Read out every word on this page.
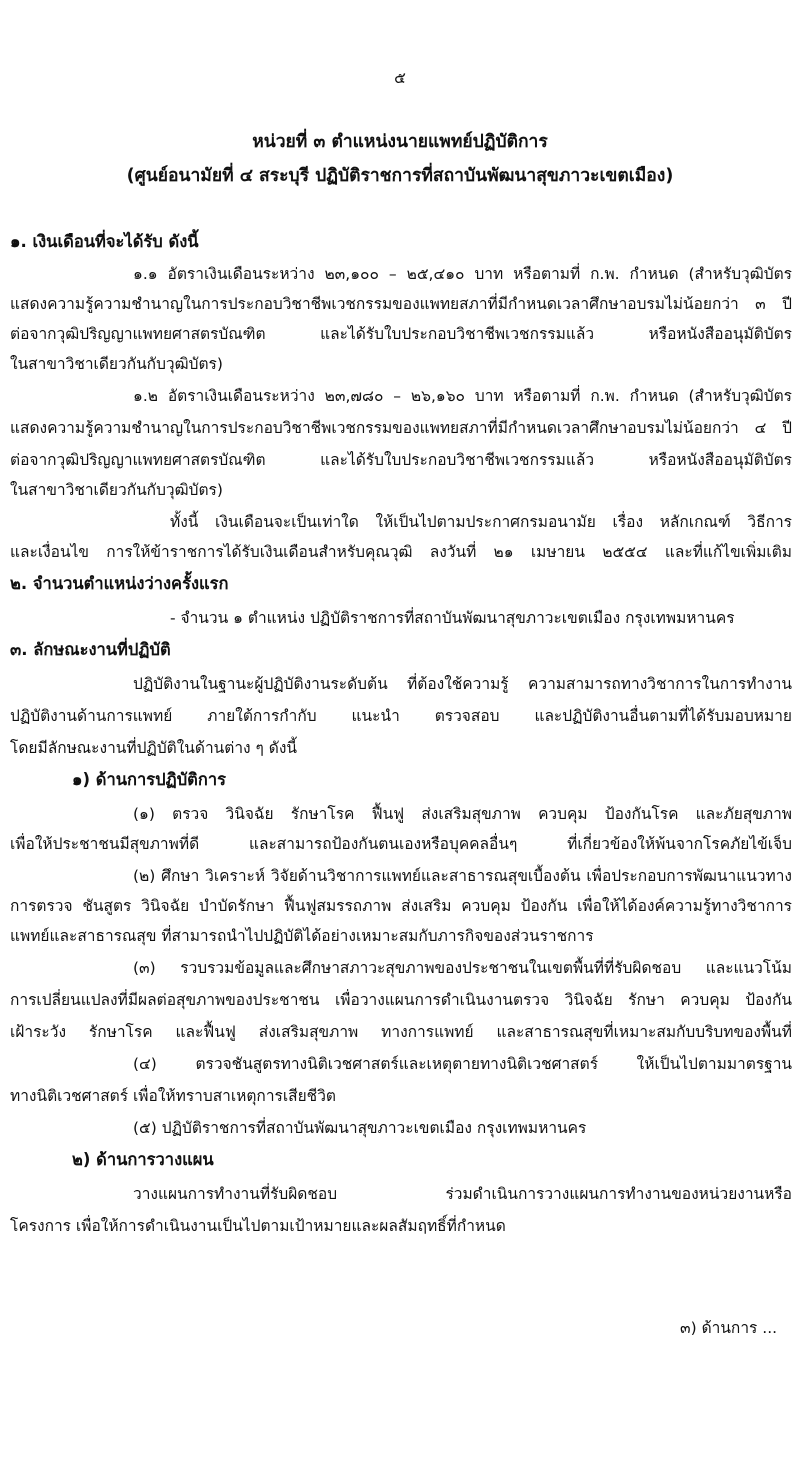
๕
หน่วยที่ ๓ ตำแหน่งนายแพทย์ปฏิบัติการ
(ศูนย์อนามัยที่ ๔ สระบุรี ปฏิบัติราชการที่สถาบันพัฒนาสุขภาวะเขตเมือง)
๑. เงินเดือนที่จะได้รับ ดังนี้
๑.๑ อัตราเงินเดือนระหว่าง ๒๓,๑๐๐ – ๒๕,๔๑๐ บาท หรือตามที่ ก.พ. กำหนด (สำหรับวุฒิบัตร
แสดงความรู้ความชำนาญในการประกอบวิชาชีพเวชกรรมของแพทยสภาที่มีกำหนดเวลาศึกษาอบรมไม่น้อยกว่า ๓ ปี
ต่อจากวุฒิปริญญาแพทยศาสตรบัณฑิต และได้รับใบประกอบวิชาชีพเวชกรรมแล้ว หรือหนังสืออนุมัติบัตร
ในสาขาวิชาเดียวกันกับวุฒิบัตร)
๑.๒ อัตราเงินเดือนระหว่าง ๒๓,๗๘๐ – ๒๖,๑๖๐ บาท หรือตามที่ ก.พ. กำหนด (สำหรับวุฒิบัตร
แสดงความรู้ความชำนาญในการประกอบวิชาชีพเวชกรรมของแพทยสภาที่มีกำหนดเวลาศึกษาอบรมไม่น้อยกว่า ๔ ปี
ต่อจากวุฒิปริญญาแพทยศาสตรบัณฑิต และได้รับใบประกอบวิชาชีพเวชกรรมแล้ว หรือหนังสืออนุมัติบัตร
ในสาขาวิชาเดียวกันกับวุฒิบัตร)
ทั้งนี้ เงินเดือนจะเป็นเท่าใด ให้เป็นไปตามประกาศกรมอนามัย เรื่อง หลักเกณฑ์ วิธีการ
และเงื่อนไข การให้ข้าราชการได้รับเงินเดือนสำหรับคุณวุฒิ ลงวันที่ ๒๑ เมษายน ๒๕๕๔ และที่แก้ไขเพิ่มเติม
๒. จำนวนตำแหน่งว่างครั้งแรก
- จำนวน ๑ ตำแหน่ง ปฏิบัติราชการที่สถาบันพัฒนาสุขภาวะเขตเมือง กรุงเทพมหานคร
๓. ลักษณะงานที่ปฏิบัติ
ปฏิบัติงานในฐานะผู้ปฏิบัติงานระดับต้น ที่ต้องใช้ความรู้ ความสามารถทางวิชาการในการทำงาน
ปฏิบัติงานด้านการแพทย์ ภายใต้การกำกับ แนะนำ ตรวจสอบ และปฏิบัติงานอื่นตามที่ได้รับมอบหมาย
โดยมีลักษณะงานที่ปฏิบัติในด้านต่าง ๆ ดังนี้
๑) ด้านการปฏิบัติการ
(๑) ตรวจ วินิจฉัย รักษาโรค ฟื้นฟู ส่งเสริมสุขภาพ ควบคุม ป้องกันโรค และภัยสุขภาพ
เพื่อให้ประชาชนมีสุขภาพที่ดี และสามารถป้องกันตนเองหรือบุคคลอื่นๆ ที่เกี่ยวข้องให้พ้นจากโรคภัยไข้เจ็บ
(๒) ศึกษา วิเคราะห์ วิจัยด้านวิชาการแพทย์และสาธารณสุขเบื้องต้น เพื่อประกอบการพัฒนาแนวทาง
การตรวจ ชันสูตร วินิจฉัย บำบัดรักษา ฟื้นฟูสมรรถภาพ ส่งเสริม ควบคุม ป้องกัน เพื่อให้ได้องค์ความรู้ทางวิชาการ
แพทย์และสาธารณสุข ที่สามารถนำไปปฏิบัติได้อย่างเหมาะสมกับภารกิจของส่วนราชการ
(๓) รวบรวมข้อมูลและศึกษาสภาวะสุขภาพของประชาชนในเขตพื้นที่ที่รับผิดชอบ และแนวโน้ม
การเปลี่ยนแปลงที่มีผลต่อสุขภาพของประชาชน เพื่อวางแผนการดำเนินงานตรวจ วินิจฉัย รักษา ควบคุม ป้องกัน
เฝ้าระวัง รักษาโรค และฟื้นฟู ส่งเสริมสุขภาพ ทางการแพทย์ และสาธารณสุขที่เหมาะสมกับบริบทของพื้นที่
(๔) ตรวจชันสูตรทางนิติเวชศาสตร์และเหตุตายทางนิติเวชศาสตร์ ให้เป็นไปตามมาตรฐาน
ทางนิติเวชศาสตร์ เพื่อให้ทราบสาเหตุการเสียชีวิต
(๕) ปฏิบัติราชการที่สถาบันพัฒนาสุขภาวะเขตเมือง กรุงเทพมหานคร
๒) ด้านการวางแผน
วางแผนการทำงานที่รับผิดชอบ ร่วมดำเนินการวางแผนการทำงานของหน่วยงานหรือ
โครงการ เพื่อให้การดำเนินงานเป็นไปตามเป้าหมายและผลสัมฤทธิ์ที่กำหนด
๓) ด้านการ ...
